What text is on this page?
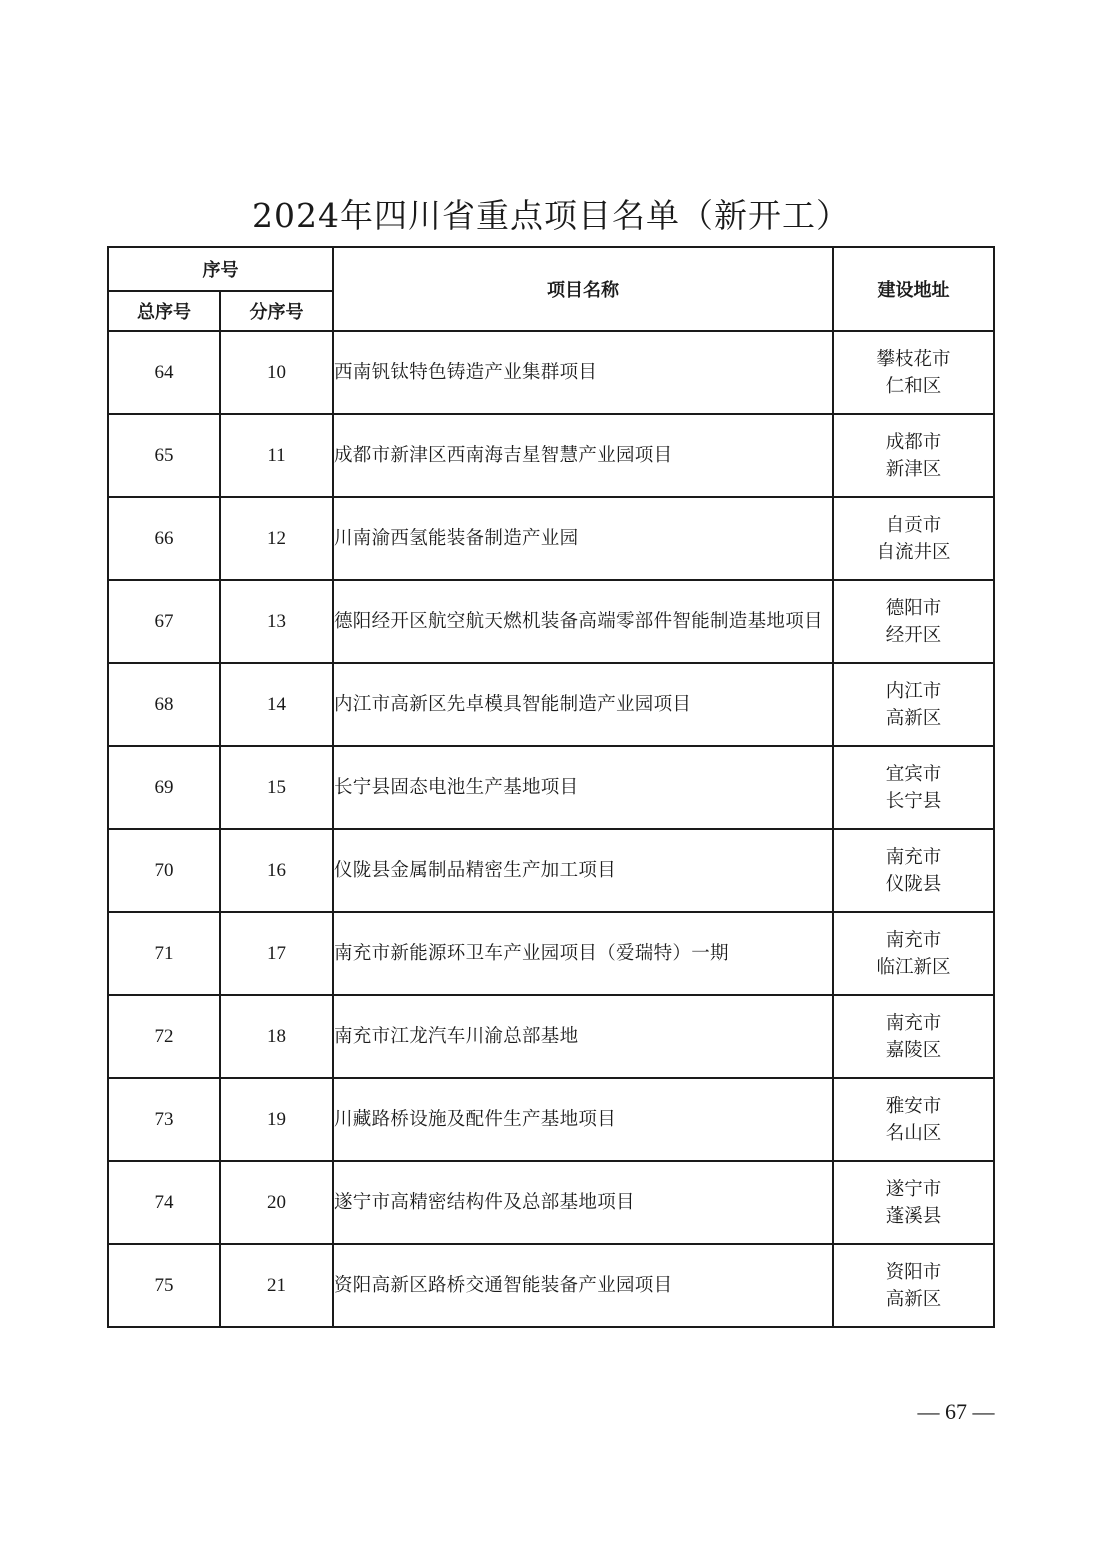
2024年四川省重点项目名单（新开工）
序号		项目名称	建设地址
总序号	分序号		
64	10	西南钒钛特色铸造产业集群项目	攀枝花市
仁和区

65	11	成都市新津区西南海吉星智慧产业园项目	成都市
新津区

66	12	川南渝西氢能装备制造产业园	自贡市
自流井区

67	13	德阳经开区航空航天燃机装备高端零部件智能制造基地项目	德阳市
经开区

68	14	内江市高新区先卓模具智能制造产业园项目	内江市
高新区

69	15	长宁县固态电池生产基地项目	宜宾市
长宁县

70	16	仪陇县金属制品精密生产加工项目	南充市
仪陇县

71	17	南充市新能源环卫车产业园项目（爱瑞特）一期	南充市
临江新区

72	18	南充市江龙汽车川渝总部基地	南充市
嘉陵区

73	19	川藏路桥设施及配件生产基地项目	雅安市
名山区

74	20	遂宁市高精密结构件及总部基地项目	遂宁市
蓬溪县

75	21	资阳高新区路桥交通智能装备产业园项目	资阳市
高新区
— 67 —
